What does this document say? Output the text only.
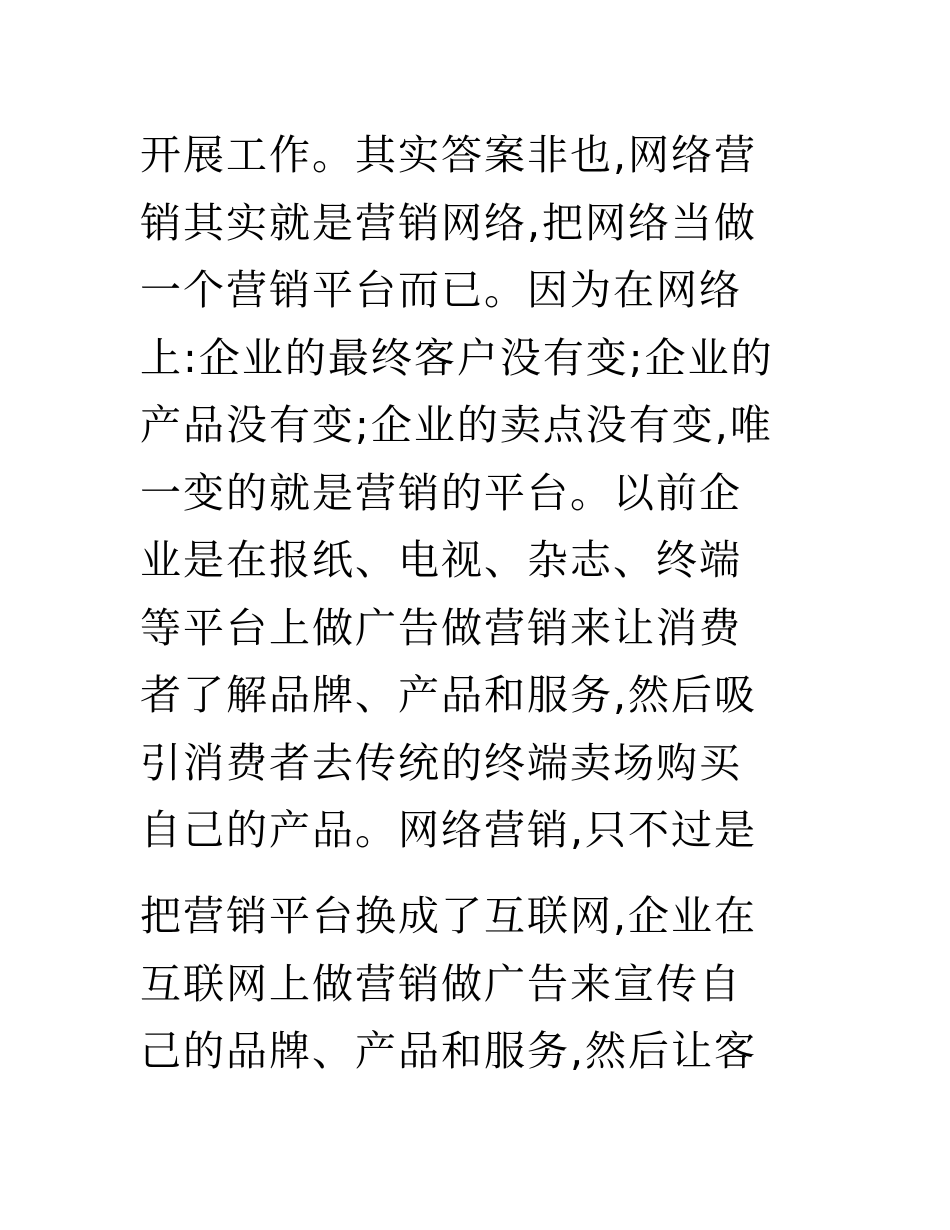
开展工作。其实答案非也,网络营
销其实就是营销网络,把网络当做
一个营销平台而已。因为在网络
上:企业的最终客户没有变;企业的
产品没有变;企业的卖点没有变,唯
一变的就是营销的平台。以前企
业是在报纸、电视、杂志、终端
等平台上做广告做营销来让消费
者了解品牌、产品和服务,然后吸
引消费者去传统的终端卖场购买
自己的产品。网络营销,只不过是
把营销平台换成了互联网,企业在
互联网上做营销做广告来宣传自
己的品牌、产品和服务,然后让客
